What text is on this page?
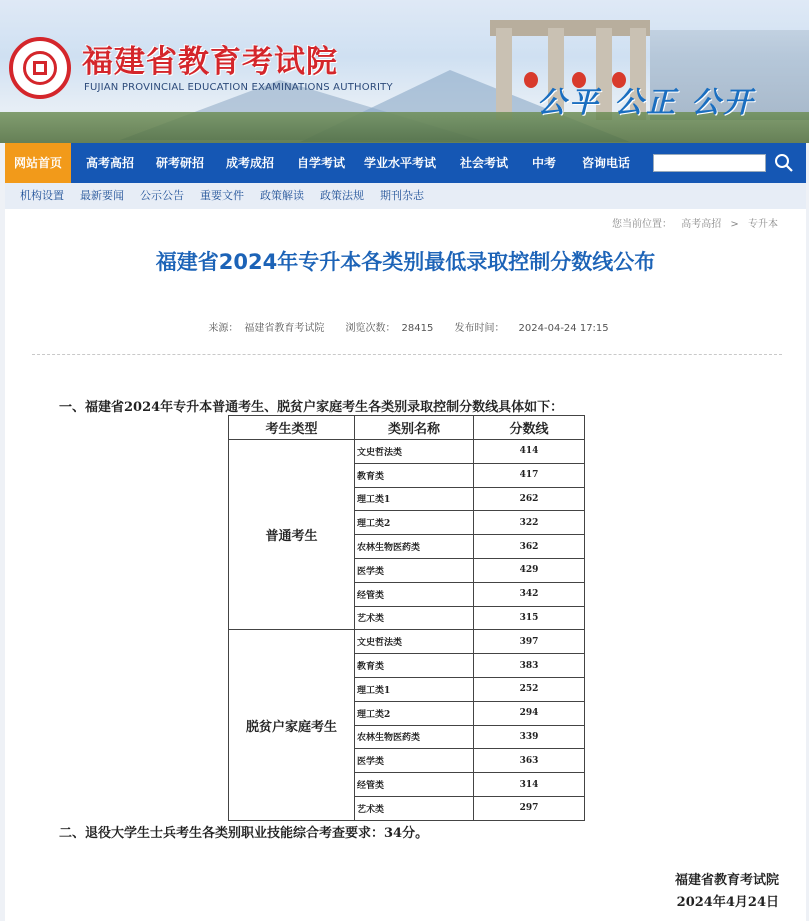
福建省教育考试院
FUJIAN PROVINCIAL EDUCATION EXAMINATIONS AUTHORITY	公平 公正 公开
网站首页	高考高招	研考研招	成考成招	自学考试	学业水平考试	社会考试	中考	咨询电话
机构设置 最新要闻 公示公告 重要文件 政策解读 政策法规 期刊杂志
您当前位置： 高考高招 > 专升本
福建省2024年专升本各类别最低录取控制分数线公布
来源： 福建省教育考试院 浏览次数： 28415 发布时间： 2024-04-24 17:15
一、福建省2024年专升本普通考生、脱贫户家庭考生各类别录取控制分数线具体如下：
考生类型	类别名称	分数线
普通考生	文史哲法类	414
	教育类	417
	理工类1	262
	理工类2	322
	农林生物医药类	362
	医学类	429
	经管类	342
	艺术类	315
脱贫户家庭考生	文史哲法类	397
	教育类	383
	理工类1	252
	理工类2	294
	农林生物医药类	339
	医学类	363
	经管类	314
	艺术类	297
二、退役大学生士兵考生各类别职业技能综合考查要求：34分。
福建省教育考试院
2024年4月24日
